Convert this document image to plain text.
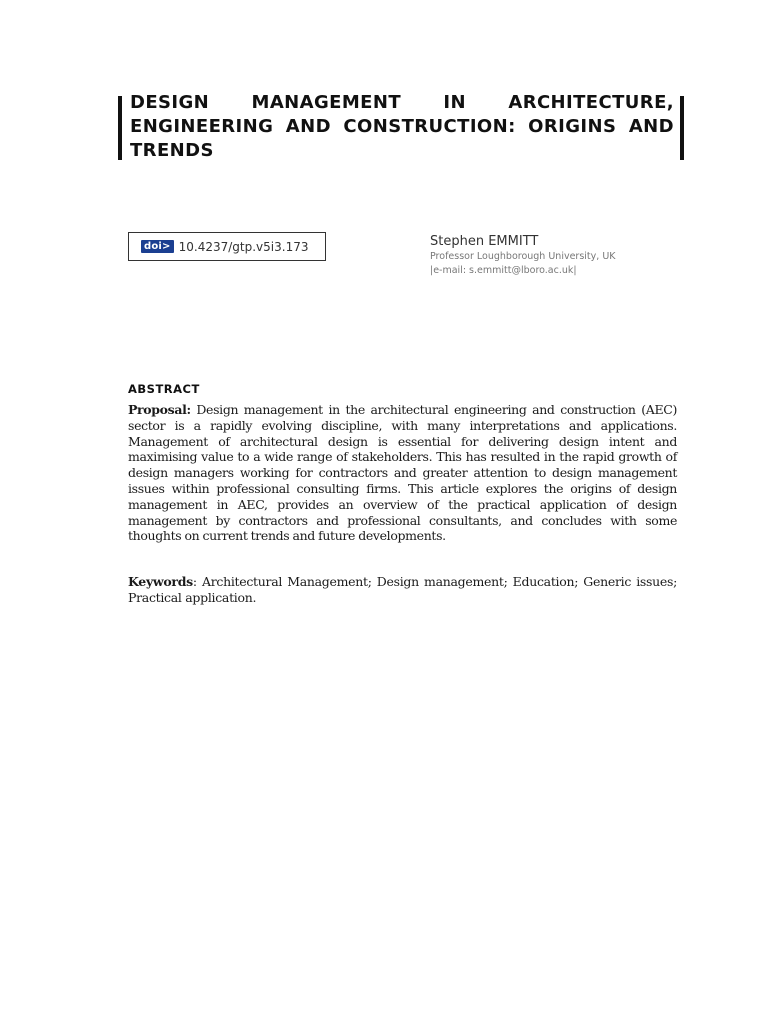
DESIGN MANAGEMENT IN ARCHITECTURE, ENGINEERING AND CONSTRUCTION: ORIGINS AND TRENDS
doi> 10.4237/gtp.v5i3.173	Stephen EMMITT
Professor Loughborough University, UK
|e-mail: s.emmitt@lboro.ac.uk|
ABSTRACT

Proposal: Design management in the architectural engineering and construction (AEC) sector is a rapidly evolving discipline, with many interpretations and applications. Management of architectural design is essential for delivering design intent and maximising value to a wide range of stakeholders. This has resulted in the rapid growth of design managers working for contractors and greater attention to design management issues within professional consulting firms. This article explores the origins of design management in AEC, provides an overview of the practical application of design management by contractors and professional consultants, and concludes with some thoughts on current trends and future developments.

Keywords: Architectural Management; Design management; Education; Generic issues; Practical application.
